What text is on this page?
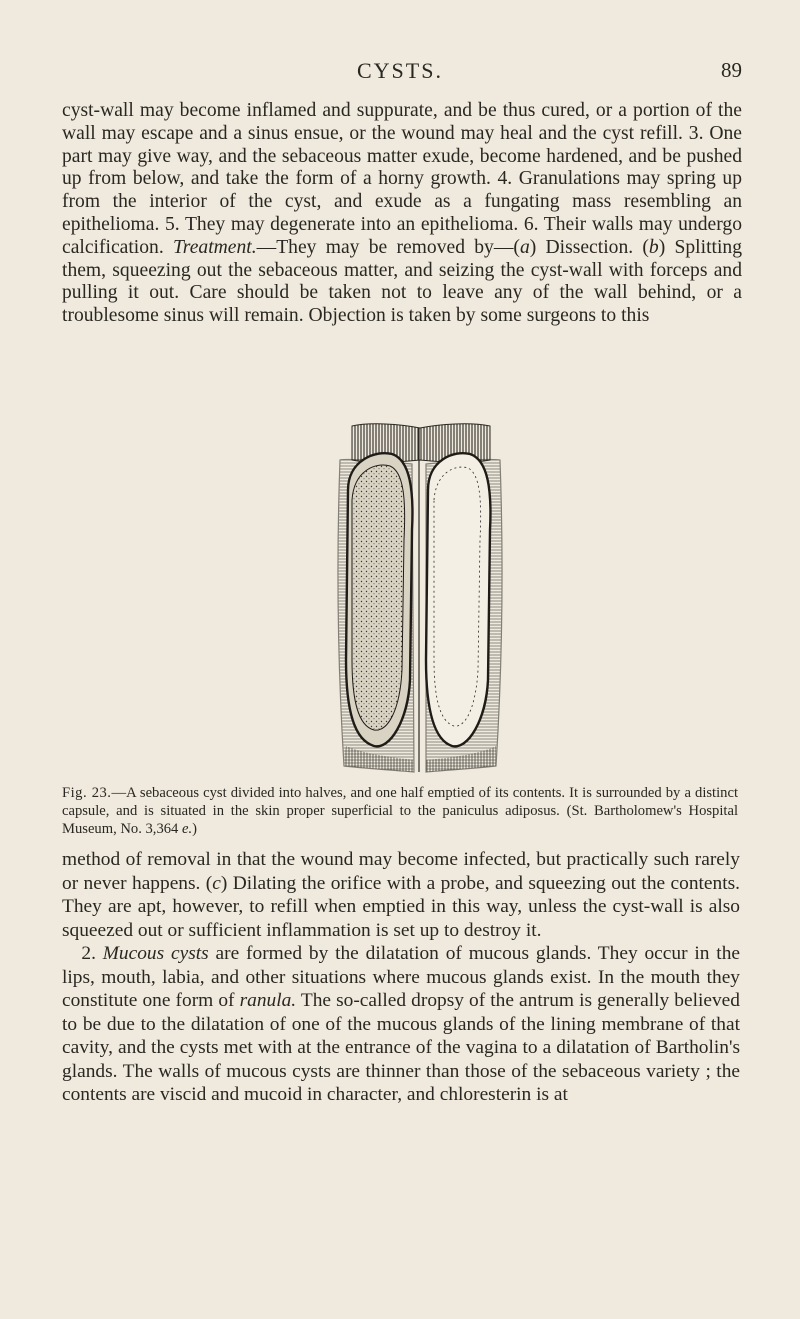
CYSTS.	89
cyst-wall may become inflamed and suppurate, and be thus cured, or a portion of the wall may escape and a sinus ensue, or the wound may heal and the cyst refill. 3. One part may give way, and the sebaceous matter exude, become hardened, and be pushed up from below, and take the form of a horny growth. 4. Granulations may spring up from the interior of the cyst, and exude as a fungating mass resembling an epithelioma. 5. They may degenerate into an epithelioma. 6. Their walls may undergo calcification. Treatment.—They may be removed by—(a) Dissection. (b) Splitting them, squeezing out the sebaceous matter, and seizing the cyst-wall with forceps and pulling it out. Care should be taken not to leave any of the wall behind, or a troublesome sinus will remain. Objection is taken by some surgeons to this
Fig. 23.—A sebaceous cyst divided into halves, and one half emptied of its contents. It is surrounded by a distinct capsule, and is situated in the skin proper superficial to the paniculus adiposus. (St. Bartholomew's Hospital Museum, No. 3,364 e.)
method of removal in that the wound may become infected, but practically such rarely or never happens. (c) Dilating the orifice with a probe, and squeezing out the contents. They are apt, however, to refill when emptied in this way, unless the cyst-wall is also squeezed out or sufficient inflammation is set up to destroy it.
 2. Mucous cysts are formed by the dilatation of mucous glands. They occur in the lips, mouth, labia, and other situations where mucous glands exist. In the mouth they constitute one form of ranula. The so-called dropsy of the antrum is generally believed to be due to the dilatation of one of the mucous glands of the lining membrane of that cavity, and the cysts met with at the entrance of the vagina to a dilatation of Bartholin's glands. The walls of mucous cysts are thinner than those of the sebaceous variety ; the contents are viscid and mucoid in character, and chloresterin is at
